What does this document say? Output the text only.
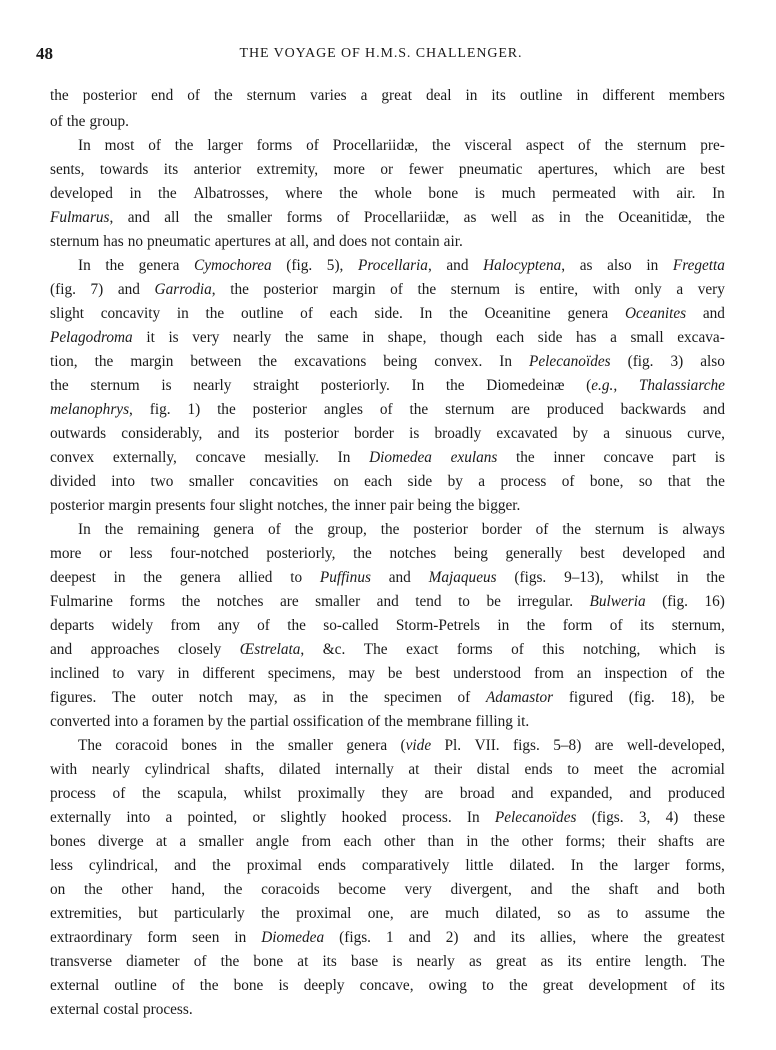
48	THE VOYAGE OF H.M.S. CHALLENGER.
the posterior end of the sternum varies a great deal in its outline in different members
of the group.
In most of the larger forms of Procellariidæ, the visceral aspect of the sternum pre-
sents, towards its anterior extremity, more or fewer pneumatic apertures, which are best
developed in the Albatrosses, where the whole bone is much permeated with air. In
Fulmarus, and all the smaller forms of Procellariidæ, as well as in the Oceanitidæ, the
sternum has no pneumatic apertures at all, and does not contain air.
In the genera Cymochorea (fig. 5), Procellaria, and Halocyptena, as also in Fregetta
(fig. 7) and Garrodia, the posterior margin of the sternum is entire, with only a very
slight concavity in the outline of each side. In the Oceanitine genera Oceanites and
Pelagodroma it is very nearly the same in shape, though each side has a small excava-
tion, the margin between the excavations being convex. In Pelecanoïdes (fig. 3) also
the sternum is nearly straight posteriorly. In the Diomedeinæ (e.g., Thalassiarche
melanophrys, fig. 1) the posterior angles of the sternum are produced backwards and
outwards considerably, and its posterior border is broadly excavated by a sinuous curve,
convex externally, concave mesially. In Diomedea exulans the inner concave part is
divided into two smaller concavities on each side by a process of bone, so that the
posterior margin presents four slight notches, the inner pair being the bigger.
In the remaining genera of the group, the posterior border of the sternum is always
more or less four-notched posteriorly, the notches being generally best developed and
deepest in the genera allied to Puffinus and Majaqueus (figs. 9–13), whilst in the
Fulmarine forms the notches are smaller and tend to be irregular. Bulweria (fig. 16)
departs widely from any of the so-called Storm-Petrels in the form of its sternum,
and approaches closely Œstrelata, &c. The exact forms of this notching, which is
inclined to vary in different specimens, may be best understood from an inspection of the
figures. The outer notch may, as in the specimen of Adamastor figured (fig. 18), be
converted into a foramen by the partial ossification of the membrane filling it.
The coracoid bones in the smaller genera (vide Pl. VII. figs. 5–8) are well-developed,
with nearly cylindrical shafts, dilated internally at their distal ends to meet the acromial
process of the scapula, whilst proximally they are broad and expanded, and produced
externally into a pointed, or slightly hooked process. In Pelecanoïdes (figs. 3, 4) these
bones diverge at a smaller angle from each other than in the other forms; their shafts are
less cylindrical, and the proximal ends comparatively little dilated. In the larger forms,
on the other hand, the coracoids become very divergent, and the shaft and both
extremities, but particularly the proximal one, are much dilated, so as to assume the
extraordinary form seen in Diomedea (figs. 1 and 2) and its allies, where the greatest
transverse diameter of the bone at its base is nearly as great as its entire length. The
external outline of the bone is deeply concave, owing to the great development of its
external costal process.
